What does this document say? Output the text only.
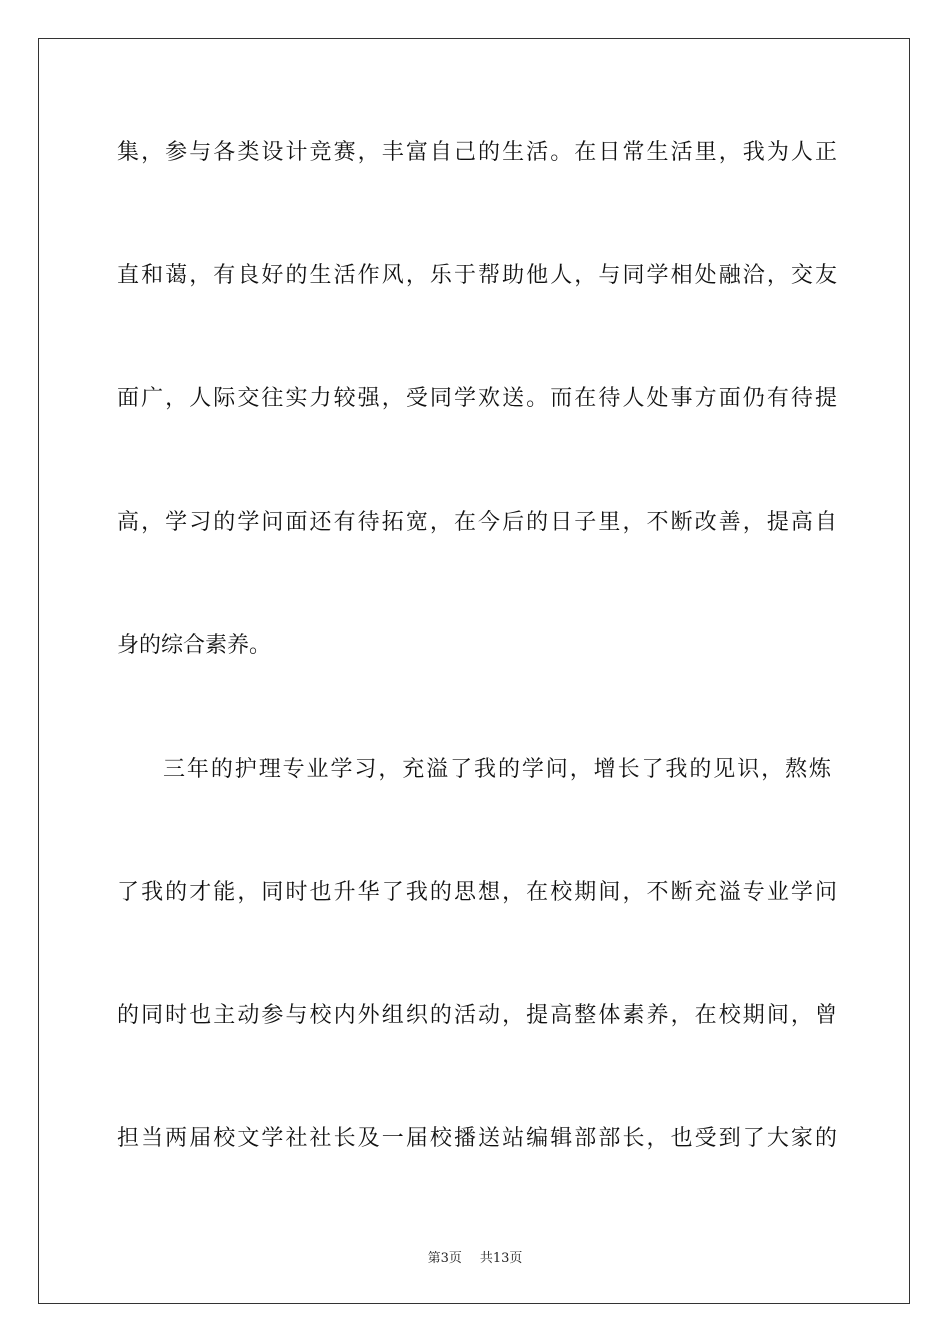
集，参与各类设计竞赛，丰富自己的生活。在日常生活里，我为人正

直和蔼，有良好的生活作风，乐于帮助他人，与同学相处融洽，交友

面广，人际交往实力较强，受同学欢送。而在待人处事方面仍有待提

高，学习的学问面还有待拓宽，在今后的日子里，不断改善，提高自

身的综合素养。

三年的护理专业学习，充溢了我的学问，增长了我的见识，熬炼

了我的才能，同时也升华了我的思想，在校期间，不断充溢专业学问

的同时也主动参与校内外组织的活动，提高整体素养，在校期间，曾

担当两届校文学社社长及一届校播送站编辑部部长，也受到了大家的

第3页 共13页
